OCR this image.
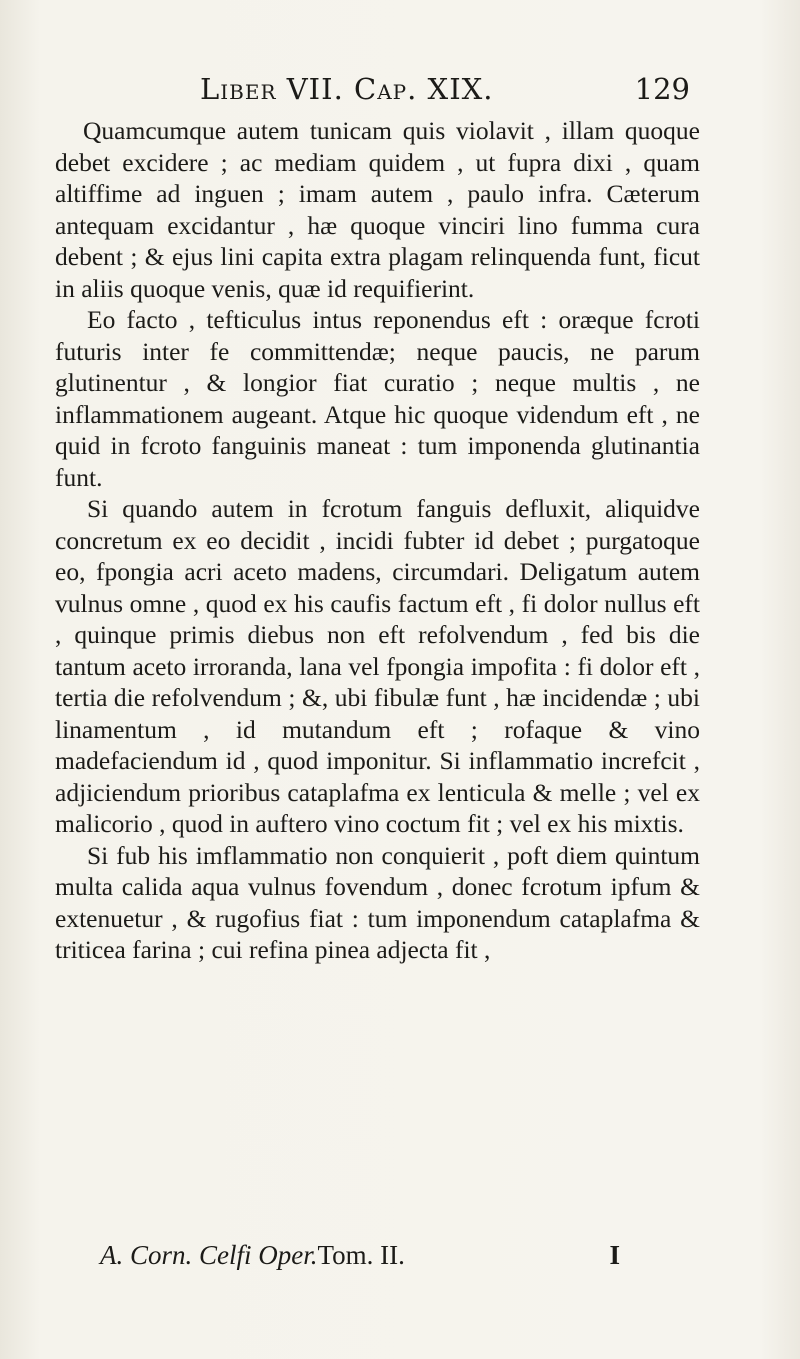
Liber VII. Cap. XIX.	129

Quamcumque autem tunicam quis violavit , illam quoque debet excidere ; ac mediam quidem , ut fupra dixi , quam altiffime ad inguen ; imam autem , paulo infra. Cæterum antequam excidantur , hæ quoque vinciri lino fumma cura debent ; & ejus lini capita extra plagam relinquenda funt, ficut in aliis quoque venis, quæ id requifierint.

Eo facto , tefticulus intus reponendus eft : oræque fcroti futuris inter fe committendæ; neque paucis, ne parum glutinentur , & longior fiat curatio ; neque multis , ne inflammationem augeant. Atque hic quoque videndum eft , ne quid in fcroto fanguinis maneat : tum imponenda glutinantia funt.

Si quando autem in fcrotum fanguis defluxit, aliquidve concretum ex eo decidit , incidi fubter id debet ; purgatoque eo, fpongia acri aceto madens, circumdari. Deligatum autem vulnus omne , quod ex his caufis factum eft , fi dolor nullus eft , quinque primis diebus non eft refolvendum , fed bis die tantum aceto irroranda, lana vel fpongia impofita : fi dolor eft , tertia die refolvendum ; &, ubi fibulæ funt , hæ incidendæ ; ubi linamentum , id mutandum eft ; rofaque & vino madefaciendum id , quod imponitur. Si inflammatio increfcit , adjiciendum prioribus cataplafma ex lenticula & melle ; vel ex malicorio , quod in auftero vino coctum fit ; vel ex his mixtis.

Si fub his imflammatio non conquierit , poft diem quintum multa calida aqua vulnus fovendum , donec fcrotum ipfum & extenuetur , & rugofius fiat : tum imponendum cataplafma & triticea farina ; cui refina pinea adjecta fit ,

A. Corn. Celfi Oper.Tom. II.	I
